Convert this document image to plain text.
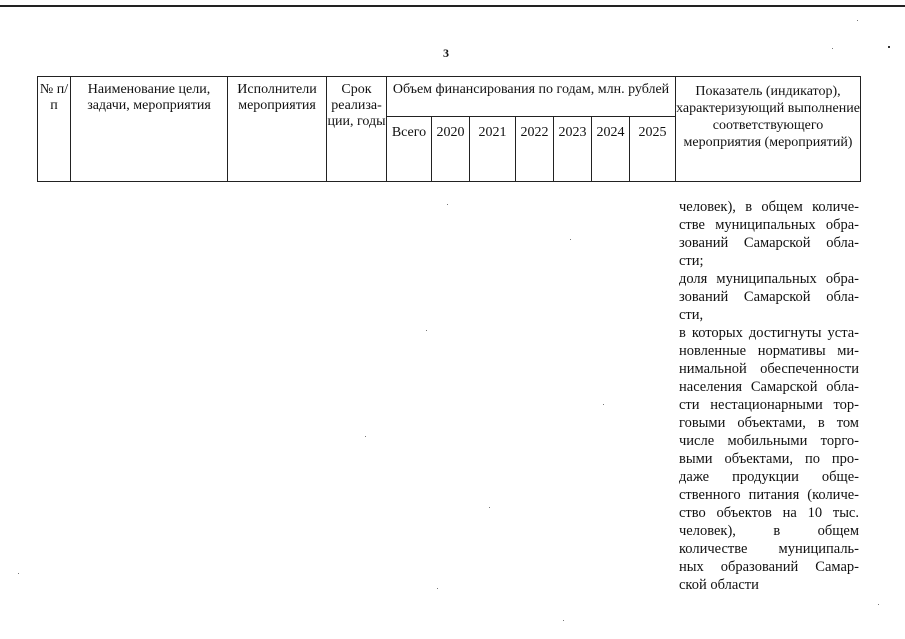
3
№ п/п	Наименование цели, задачи, мероприятия	Исполнители мероприятия	Срок реализа- ции, годы	Объем финансирования по годам, млн. рублей							Показатель (индикатор), характеризующий выполнение соответствующего мероприятия (мероприятий)
				Всего	2020	2021	2022	2023	2024	2025	

человек), в общем количе- стве муниципальных обра- зований Самарской обла- сти;

доля муниципальных обра- зований Самарской обла- сти,

в которых достигнуты уста- новленные нормативы ми- нимальной обеспеченности населения Самарской обла- сти нестационарными тор- говыми объектами, в том числе мобильными торго- выми объектами, по про- даже продукции обще- ственного питания (количе- ство объектов на 10 тыс. человек), в общем количестве муниципаль- ных образований Самар- ской области
